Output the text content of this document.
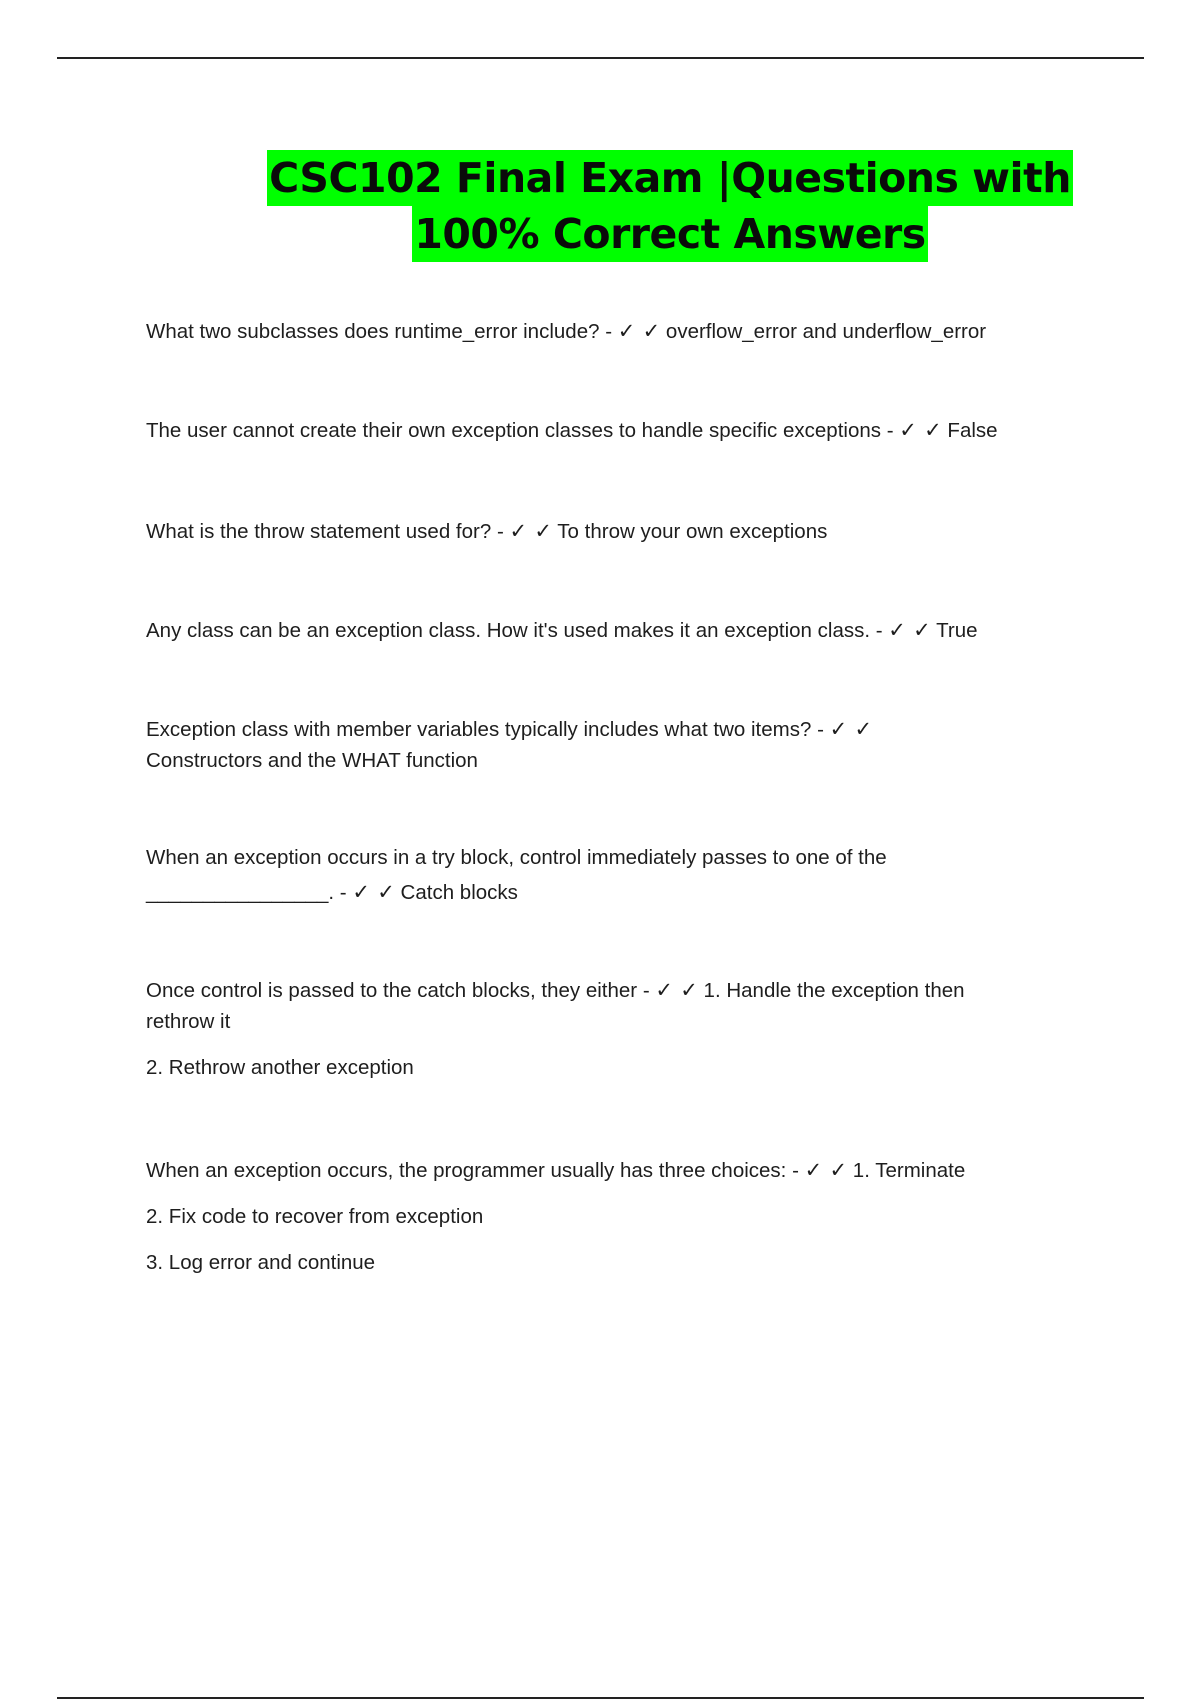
CSC102 Final Exam |Questions with
100% Correct Answers

What two subclasses does runtime_error include? - ✓ ✓ overflow_error and underflow_error

The user cannot create their own exception classes to handle specific exceptions - ✓ ✓ False

What is the throw statement used for? - ✓ ✓ To throw your own exceptions

Any class can be an exception class. How it's used makes it an exception class. - ✓ ✓ True

Exception class with member variables typically includes what two items? - ✓ ✓
Constructors and the WHAT function

When an exception occurs in a try block, control immediately passes to one of the ________________. - ✓ ✓ Catch blocks

Once control is passed to the catch blocks, they either - ✓ ✓ 1. Handle the exception then rethrow it

2. Rethrow another exception

When an exception occurs, the programmer usually has three choices: - ✓ ✓ 1. Terminate

2. Fix code to recover from exception

3. Log error and continue
